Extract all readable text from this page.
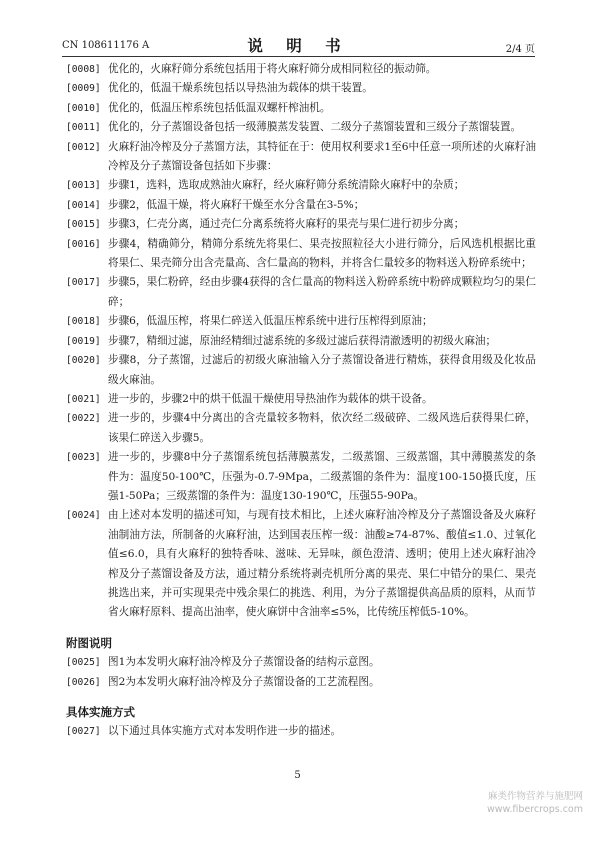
CN 108611176 A	说 明 书	2/4 页
[0008] 优化的，火麻籽筛分系统包括用于将火麻籽筛分成相同粒径的振动筛。
[0009] 优化的，低温干燥系统包括以导热油为载体的烘干装置。
[0010] 优化的，低温压榨系统包括低温双螺杆榨油机。
[0011] 优化的，分子蒸馏设备包括一级薄膜蒸发装置、二级分子蒸馏装置和三级分子蒸馏装置。
[0012] 火麻籽油冷榨及分子蒸馏方法，其特征在于：使用权利要求1至6中任意一项所述的火麻籽油冷榨及分子蒸馏设备包括如下步骤：
[0013] 步骤1，选料，选取成熟油火麻籽，经火麻籽筛分系统清除火麻籽中的杂质；
[0014] 步骤2，低温干燥，将火麻籽干燥至水分含量在3-5%；
[0015] 步骤3，仁壳分离，通过壳仁分离系统将火麻籽的果壳与果仁进行初步分离；
[0016] 步骤4，精确筛分，精筛分系统先将果仁、果壳按照粒径大小进行筛分，后风选机根据比重将果仁、果壳筛分出含壳量高、含仁量高的物料，并将含仁量较多的物料送入粉碎系统中；
[0017] 步骤5，果仁粉碎，经由步骤4获得的含仁量高的物料送入粉碎系统中粉碎成颗粒均匀的果仁碎；
[0018] 步骤6，低温压榨，将果仁碎送入低温压榨系统中进行压榨得到原油；
[0019] 步骤7，精细过滤，原油经精细过滤系统的多级过滤后获得清澈透明的初级火麻油；
[0020] 步骤8，分子蒸馏，过滤后的初级火麻油输入分子蒸馏设备进行精炼，获得食用级及化妆品级火麻油。
[0021] 进一步的，步骤2中的烘干低温干燥使用导热油作为载体的烘干设备。
[0022] 进一步的，步骤4中分离出的含壳量较多物料，依次经二级破碎、二级风选后获得果仁碎，该果仁碎送入步骤5。
[0023] 进一步的，步骤8中分子蒸馏系统包括薄膜蒸发，二级蒸馏、三级蒸馏，其中薄膜蒸发的条件为：温度50-100℃，压强为-0.7-9Mpa，二级蒸馏的条件为：温度100-150摄氏度，压强1-50Pa；三级蒸馏的条件为：温度130-190℃，压强55-90Pa。
[0024] 由上述对本发明的描述可知，与现有技术相比，上述火麻籽油冷榨及分子蒸馏设备及火麻籽油制油方法，所制备的火麻籽油，达到国表压榨一级：油酸≥74-87%、酸值≤1.0、过氧化值≤6.0，具有火麻籽的独特香味、滋味、无异味，颜色澄清、透明；使用上述火麻籽油冷榨及分子蒸馏设备及方法，通过精分系统将剥壳机所分离的果壳、果仁中错分的果仁、果壳挑选出来，并可实现果壳中残余果仁的挑选、利用，为分子蒸馏提供高品质的原料，从而节省火麻籽原料、提高出油率，使火麻饼中含油率≤5%，比传统压榨低5-10%。
附图说明
[0025] 图1为本发明火麻籽油冷榨及分子蒸馏设备的结构示意图。
[0026] 图2为本发明火麻籽油冷榨及分子蒸馏设备的工艺流程图。
具体实施方式
[0027] 以下通过具体实施方式对本发明作进一步的描述。
5
麻类作物营养与施肥网
www.fibercrops.com
